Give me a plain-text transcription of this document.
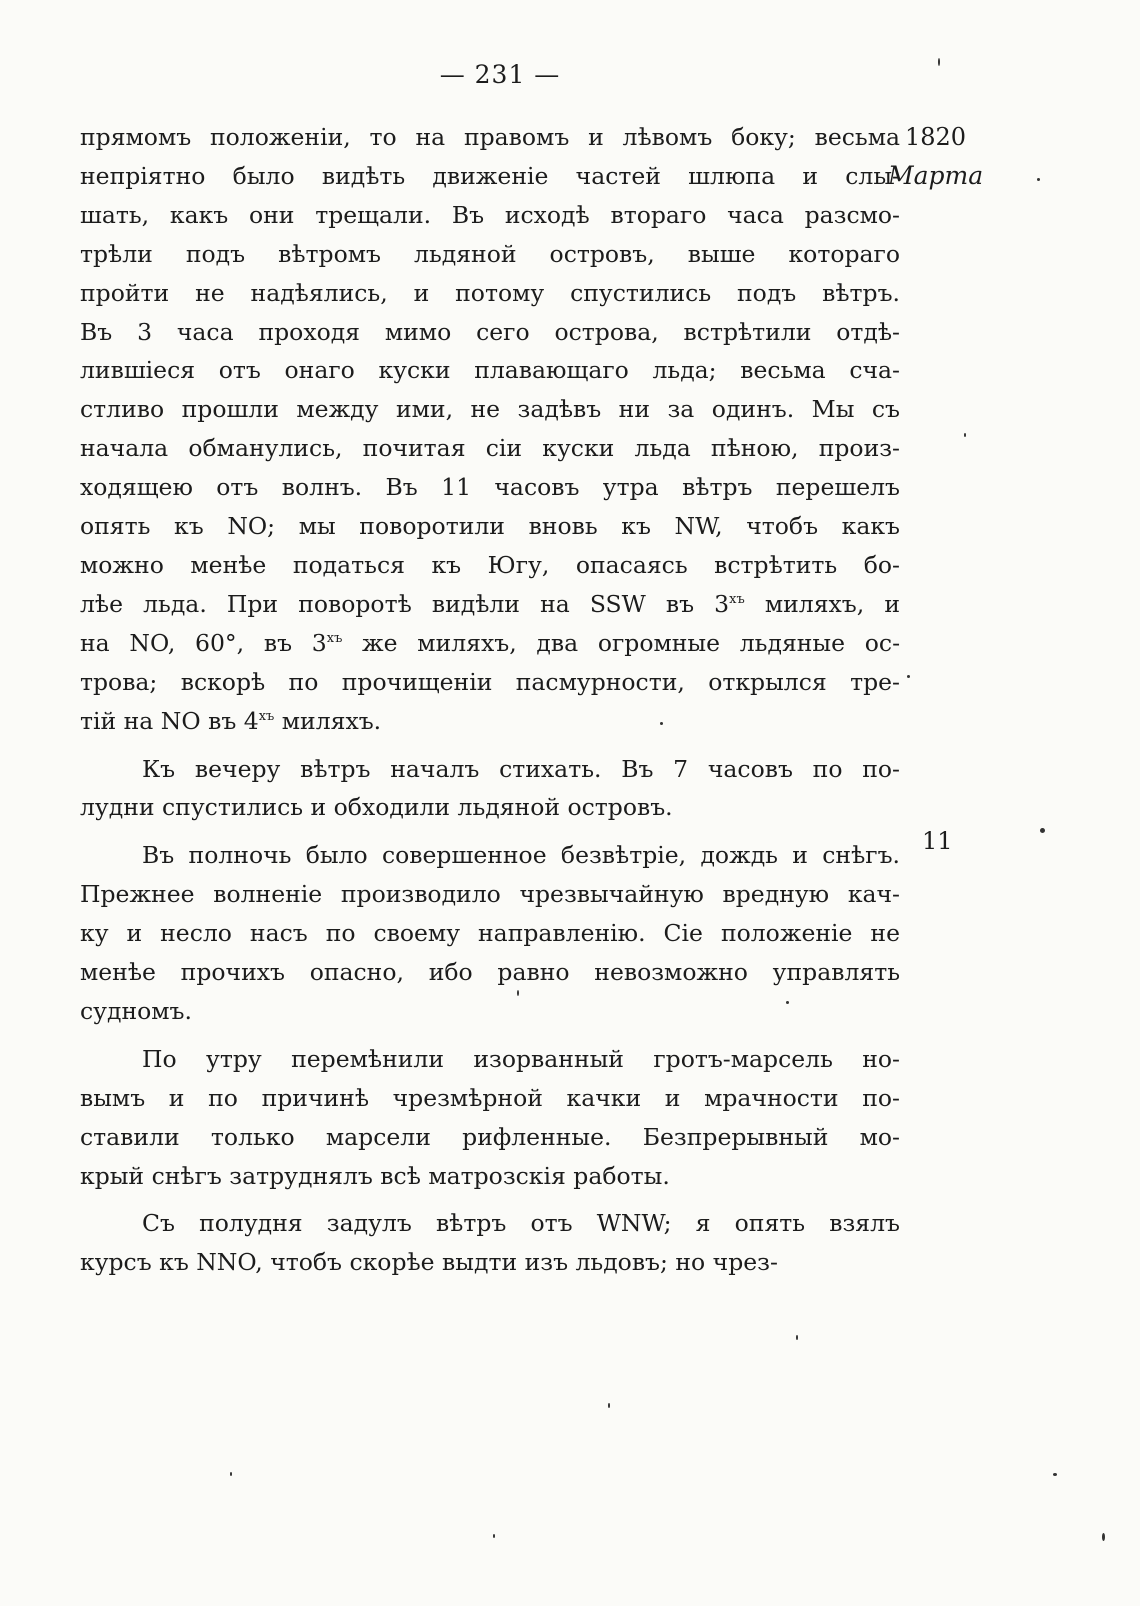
— 231 —
1820
Марта
11
прямомъ положенiи, то на правомъ и лѣвомъ боку; весьма
непрiятно было видѣть движенiе частей шлюпа и слы-
шать, какъ они трещали. Въ исходѣ втораго часа разсмо-
трѣли подъ вѣтромъ льдяной островъ, выше котораго
пройти не надѣялись, и потому спустились подъ вѣтръ.
Въ 3 часа проходя мимо сего острова, встрѣтили отдѣ-
лившiеся отъ онаго куски плавающаго льда; весьма сча-
стливо прошли между ими, не задѣвъ ни за одинъ. Мы съ
начала обманулись, почитая сiи куски льда пѣною, произ-
ходящею отъ волнъ. Въ 11 часовъ утра вѣтръ перешелъ
опять къ NO; мы поворотили вновь къ NW, чтобъ какъ
можно менѣе податься къ Югу, опасаясь встрѣтить бо-
лѣе льда. При поворотѣ видѣли на SSW въ $3^{хъ}$ миляхъ, и
на NO, 60°, въ $3^{хъ}$ же миляхъ, два огромные льдяные ос-
трова; вскорѣ по прочищенiи пасмурности, открылся тре-
тiй на NO въ $4^{хъ}$ миляхъ.
Къ вечеру вѣтръ началъ стихать. Въ 7 часовъ по по-
лудни спустились и обходили льдяной островъ.
Въ полночь было совершенное безвѣтрiе, дождь и снѣгъ.
Прежнее волненiе производило чрезвычайную вредную кач-
ку и несло насъ по своему направленiю. Сiе положенiе не
менѣе прочихъ опасно, ибо равно невозможно управлять
судномъ.
По утру перемѣнили изорванный гротъ-марсель но-
вымъ и по причинѣ чрезмѣрной качки и мрачности по-
ставили только марсели рифленные. Безпрерывный мо-
крый снѣгъ затруднялъ всѣ матрозскiя работы.
Съ полудня задулъ вѣтръ отъ WNW; я опять взялъ
курсъ къ NNO, чтобъ скорѣе выдти изъ льдовъ; но чрез-
